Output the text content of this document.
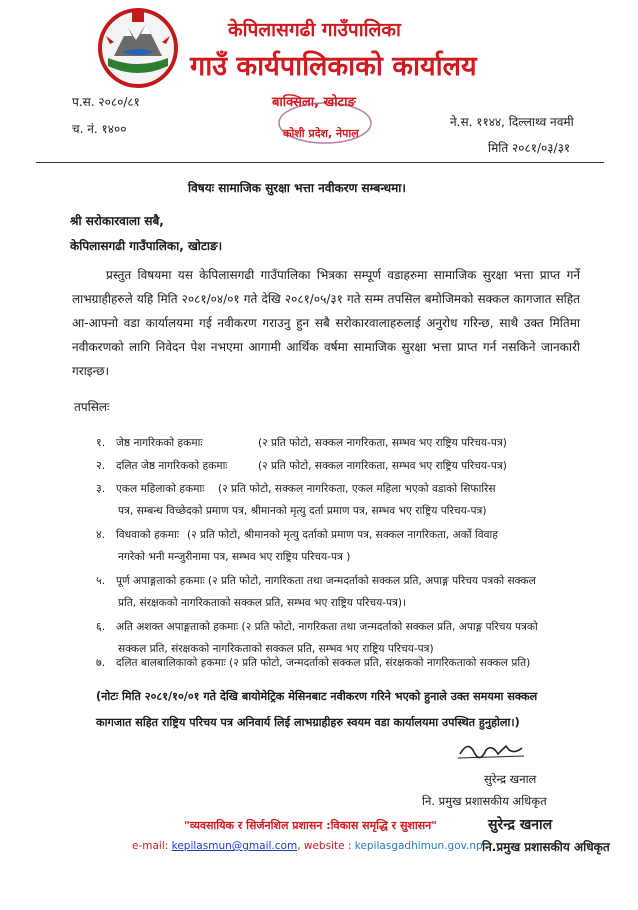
केपिलासगढी गाउँपालिका
गाउँ कार्यपालिकाको कार्यालय
बाक्सिला, खोटाङ
कोशी प्रदेश, नेपाल
प.स. २०८०/८१
च. नं. १४००	ने.स. ११४४, दिल्लाथ्व नवमी
मिति २०८१/०३/३१
विषयः सामाजिक सुरक्षा भत्ता नवीकरण सम्बन्धमा।
श्री सरोकारवाला सबै,
केपिलासगढी गाउँपालिका, खोटाङ।
प्रस्तुत विषयमा यस केपिलासगढी गाउँपालिका भित्रका सम्पूर्ण वडाहरुमा सामाजिक सुरक्षा भत्ता प्राप्त गर्ने लाभग्राहीहरुले यहि मिति २०८१/०४/०१ गते देखि २०८१/०५/३१ गते सम्म तपसिल बमोजिमको सक्कल कागजात सहित आ-आफ्नो वडा कार्यालयमा गई नवीकरण गराउनु हुन सबै सरोकारवालाहरुलाई अनुरोध गरिन्छ, साथै उक्त मितिमा नवीकरणको लागि निवेदन पेश नभएमा आगामी आर्थिक वर्षमा सामाजिक सुरक्षा भत्ता प्राप्त गर्न नसकिने जानकारी गराइन्छ।
तपसिलः
१. जेष्ठ नागरिकको हकमाः	(२ प्रति फोटो, सक्कल नागरिकता, सम्भव भए राष्ट्रिय परिचय-पत्र)
२. दलित जेष्ठ नागरिकको हकमाः	(२ प्रति फोटो, सक्कल नागरिकता, सम्भव भए राष्ट्रिय परिचय-पत्र)
३. एकल महिलाको हकमाः (२ प्रति फोटो, सक्कल नागरिकता, एकल महिला भएको वडाको सिफारिस
पत्र, सम्बन्ध विच्छेदको प्रमाण पत्र, श्रीमानको मृत्यु दर्ता प्रमाण पत्र, सम्भव भए राष्ट्रिय परिचय-पत्र)
४. विधवाको हकमाः (२ प्रति फोटो, श्रीमानको मृत्यु दर्ताको प्रमाण पत्र, सक्कल नागरिकता, अर्को विवाह
नगरेको भनी मन्जुरीनामा पत्र, सम्भव भए राष्ट्रिय परिचय-पत्र )
५. पूर्ण अपाङ्गताको हकमाः (२ प्रति फोटो, नागरिकता तथा जन्मदर्ताको सक्कल प्रति, अपाङ्ग परिचय पत्रको सक्कल
प्रति, संरक्षकको नागरिकताको सक्कल प्रति, सम्भव भए राष्ट्रिय परिचय-पत्र)।
६. अति अशक्त अपाङ्गताको हकमाः (२ प्रति फोटो, नागरिकता तथा जन्मदर्ताको सक्कल प्रति, अपाङ्ग परिचय पत्रको
सक्कल प्रति, संरक्षकको नागरिकताको सक्कल प्रति, सम्भव भए राष्ट्रिय परिचय-पत्र)
७. दलित बालबालिकाको हकमाः (२ प्रति फोटो, जन्मदर्ताको सक्कल प्रति, संरक्षकको नागरिकताको सक्कल प्रति)
(नोटः मिति २०८१/१०/०१ गते देखि बायोमेट्रिक मेसिनबाट नवीकरण गरिने भएको हुनाले उक्त समयमा सक्कल कागजात सहित राष्ट्रिय परिचय पत्र अनिवार्य लिई लाभग्राहीहरु स्वयम वडा कार्यालयमा उपस्थित हुनुहोला।)
सुरेन्द्र खनाल
नि. प्रमुख प्रशासकीय अधिकृत
"व्यवसायिक र सिर्जनशिल प्रशासन :विकास समृद्धि र सुशासन"	सुरेन्द्र खनाल
e-mail: kepilasmun@gmail.com, website : kepilasgadhimun.gov.np नि.प्रमुख प्रशासकीय अधिकृत
